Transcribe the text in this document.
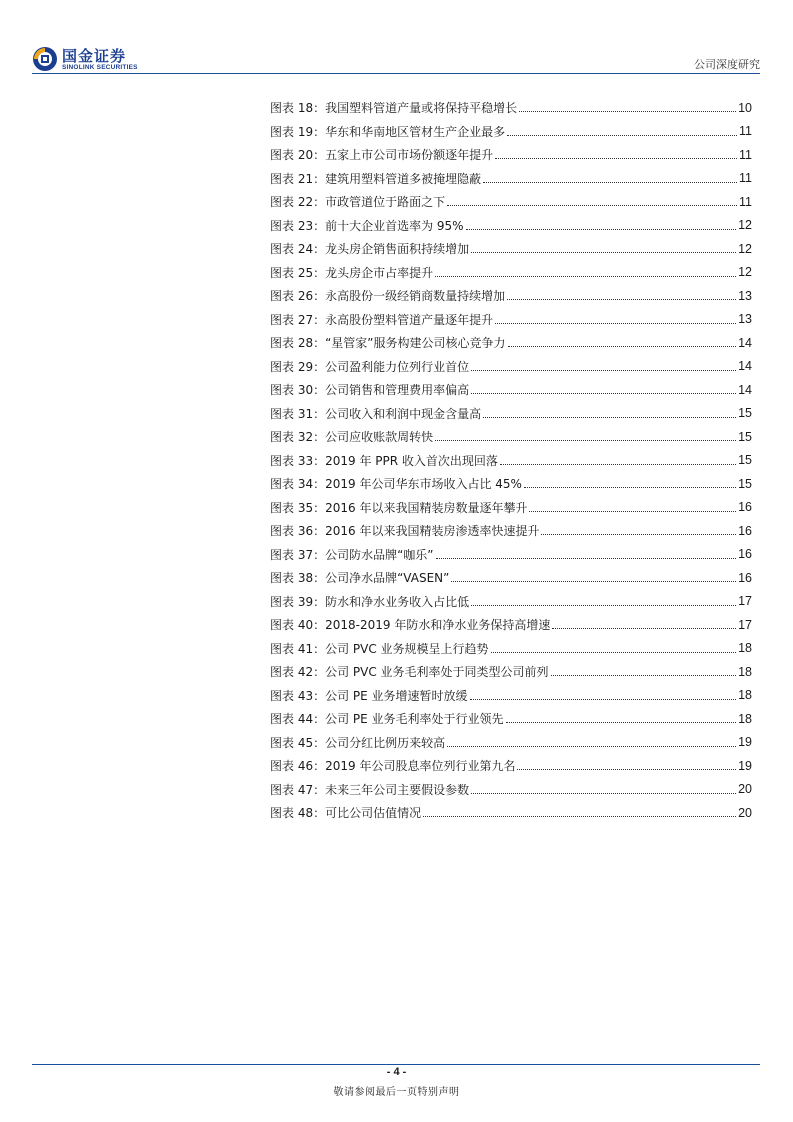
国金证券
SINOLINK SECURITIES	公司深度研究
图表 18： 我国塑料管道产量或将保持平稳增长	10
图表 19： 华东和华南地区管材生产企业最多	11
图表 20： 五家上市公司市场份额逐年提升	11
图表 21： 建筑用塑料管道多被掩埋隐蔽	11
图表 22： 市政管道位于路面之下	11
图表 23： 前十大企业首选率为 95%	12
图表 24： 龙头房企销售面积持续增加	12
图表 25： 龙头房企市占率提升	12
图表 26： 永高股份一级经销商数量持续增加	13
图表 27： 永高股份塑料管道产量逐年提升	13
图表 28： “星管家”服务构建公司核心竞争力	14
图表 29： 公司盈利能力位列行业首位	14
图表 30： 公司销售和管理费用率偏高	14
图表 31： 公司收入和利润中现金含量高	15
图表 32： 公司应收账款周转快	15
图表 33： 2019 年 PPR 收入首次出现回落	15
图表 34： 2019 年公司华东市场收入占比 45%	15
图表 35： 2016 年以来我国精装房数量逐年攀升	16
图表 36： 2016 年以来我国精装房渗透率快速提升	16
图表 37： 公司防水品牌“咖乐”	16
图表 38： 公司净水品牌“VASEN”	16
图表 39： 防水和净水业务收入占比低	17
图表 40： 2018-2019 年防水和净水业务保持高增速	17
图表 41： 公司 PVC 业务规模呈上行趋势	18
图表 42： 公司 PVC 业务毛利率处于同类型公司前列	18
图表 43： 公司 PE 业务增速暂时放缓	18
图表 44： 公司 PE 业务毛利率处于行业领先	18
图表 45： 公司分红比例历来较高	19
图表 46： 2019 年公司股息率位列行业第九名	19
图表 47： 未来三年公司主要假设参数	20
图表 48： 可比公司估值情况	20
- 4 -
敬请参阅最后一页特别声明
